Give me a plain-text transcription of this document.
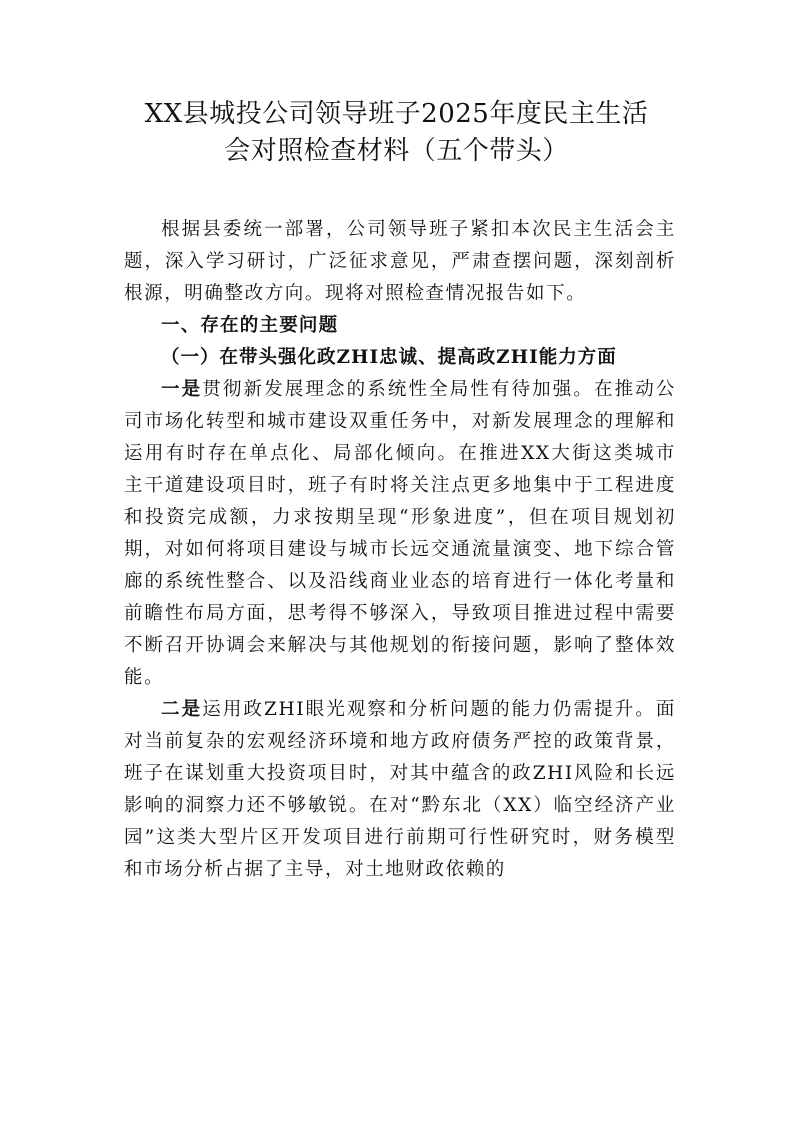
XX县城投公司领导班子2025年度民主生活
会对照检查材料（五个带头）

根据县委统一部署，公司领导班子紧扣本次民主生活会主题，深入学习研讨，广泛征求意见，严肃查摆问题，深刻剖析根源，明确整改方向。现将对照检查情况报告如下。

一、存在的主要问题

（一）在带头强化政ZHI忠诚、提高政ZHI能力方面

一是贯彻新发展理念的系统性全局性有待加强。在推动公司市场化转型和城市建设双重任务中，对新发展理念的理解和运用有时存在单点化、局部化倾向。在推进XX大街这类城市主干道建设项目时，班子有时将关注点更多地集中于工程进度和投资完成额，力求按期呈现“形象进度”，但在项目规划初期，对如何将项目建设与城市长远交通流量演变、地下综合管廊的系统性整合、以及沿线商业业态的培育进行一体化考量和前瞻性布局方面，思考得不够深入，导致项目推进过程中需要不断召开协调会来解决与其他规划的衔接问题，影响了整体效能。

二是运用政ZHI眼光观察和分析问题的能力仍需提升。面对当前复杂的宏观经济环境和地方政府债务严控的政策背景，班子在谋划重大投资项目时，对其中蕴含的政ZHI风险和长远影响的洞察力还不够敏锐。在对“黔东北（XX）临空经济产业园”这类大型片区开发项目进行前期可行性研究时，财务模型和市场分析占据了主导，对土地财政依赖的
